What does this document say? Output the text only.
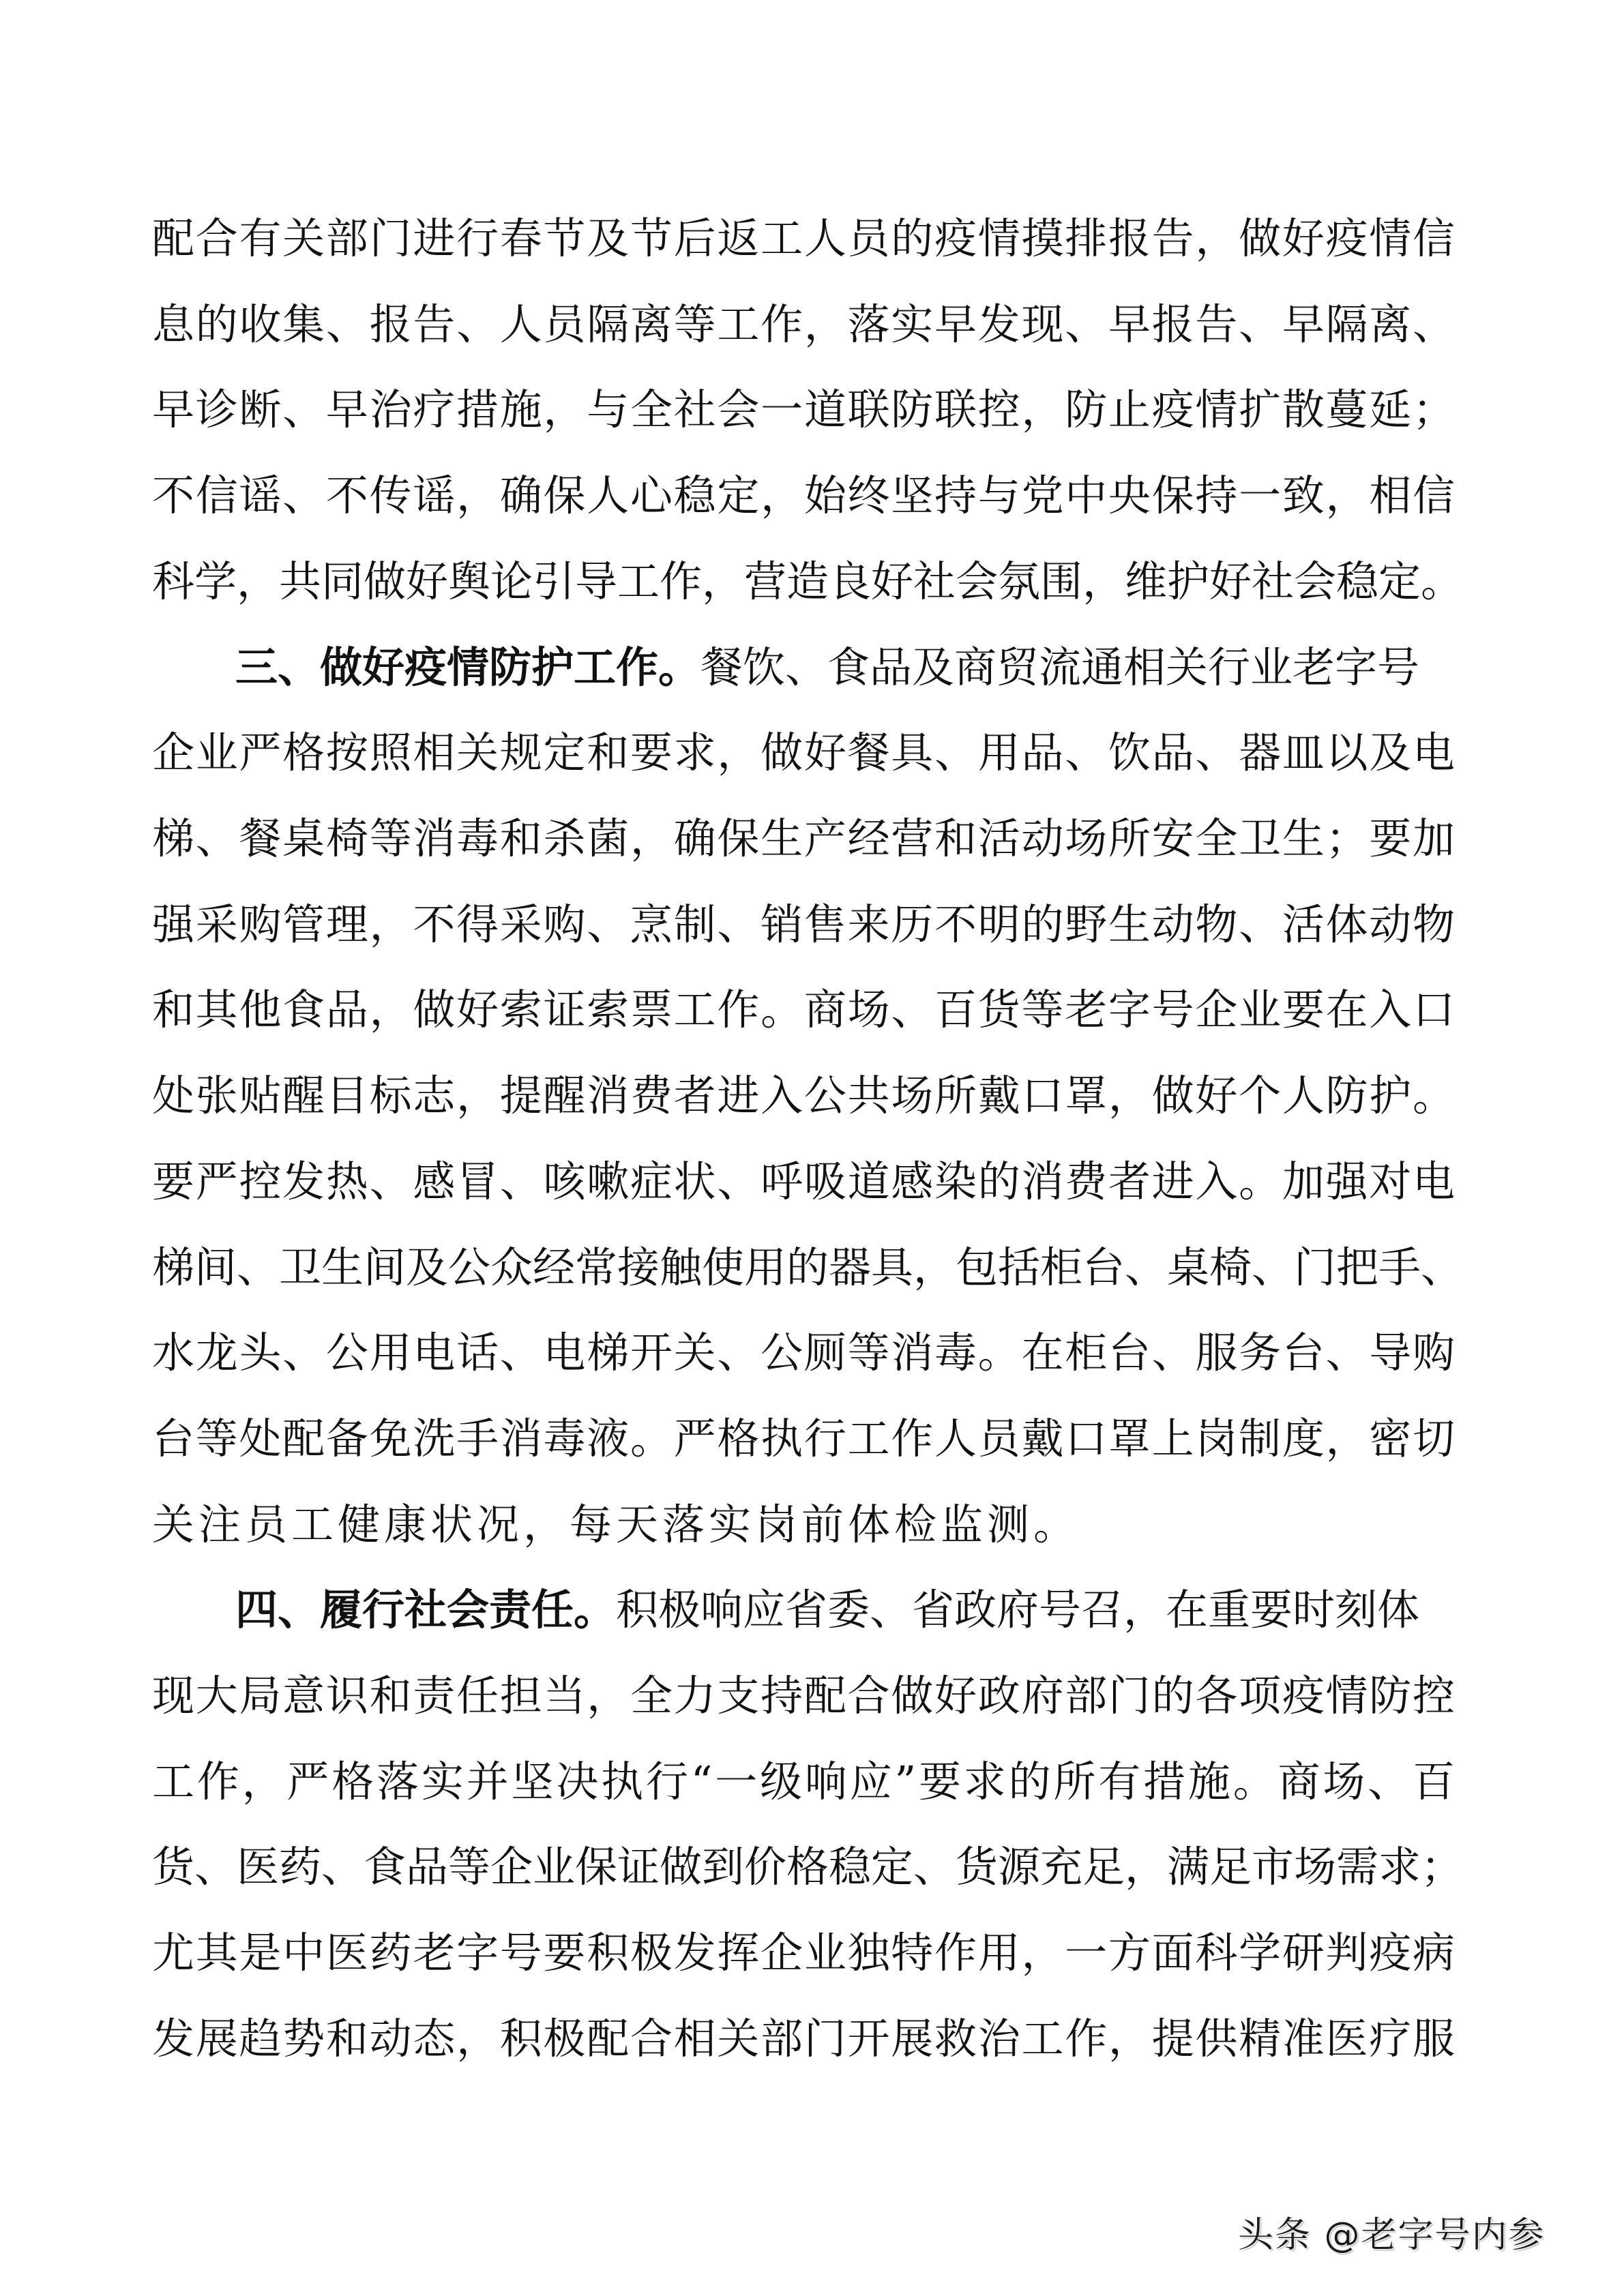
配合有关部门进行春节及节后返工人员的疫情摸排报告，做好疫情信
息的收集、报告、人员隔离等工作，落实早发现、早报告、早隔离、
早诊断、早治疗措施，与全社会一道联防联控，防止疫情扩散蔓延；
不信谣、不传谣，确保人心稳定，始终坚持与党中央保持一致，相信
科学，共同做好舆论引导工作，营造良好社会氛围，维护好社会稳定。
三、做好疫情防护工作。餐饮、食品及商贸流通相关行业老字号
企业严格按照相关规定和要求，做好餐具、用品、饮品、器皿以及电
梯、餐桌椅等消毒和杀菌，确保生产经营和活动场所安全卫生；要加
强采购管理，不得采购、烹制、销售来历不明的野生动物、活体动物
和其他食品，做好索证索票工作。商场、百货等老字号企业要在入口
处张贴醒目标志，提醒消费者进入公共场所戴口罩，做好个人防护。
要严控发热、感冒、咳嗽症状、呼吸道感染的消费者进入。加强对电
梯间、卫生间及公众经常接触使用的器具，包括柜台、桌椅、门把手、
水龙头、公用电话、电梯开关、公厕等消毒。在柜台、服务台、导购
台等处配备免洗手消毒液。严格执行工作人员戴口罩上岗制度，密切
关注员工健康状况，每天落实岗前体检监测。
四、履行社会责任。积极响应省委、省政府号召，在重要时刻体
现大局意识和责任担当，全力支持配合做好政府部门的各项疫情防控
工作，严格落实并坚决执行“一级响应”要求的所有措施。商场、百
货、医药、食品等企业保证做到价格稳定、货源充足，满足市场需求；
尤其是中医药老字号要积极发挥企业独特作用，一方面科学研判疫病
发展趋势和动态，积极配合相关部门开展救治工作，提供精准医疗服
头条 @老字号内参
